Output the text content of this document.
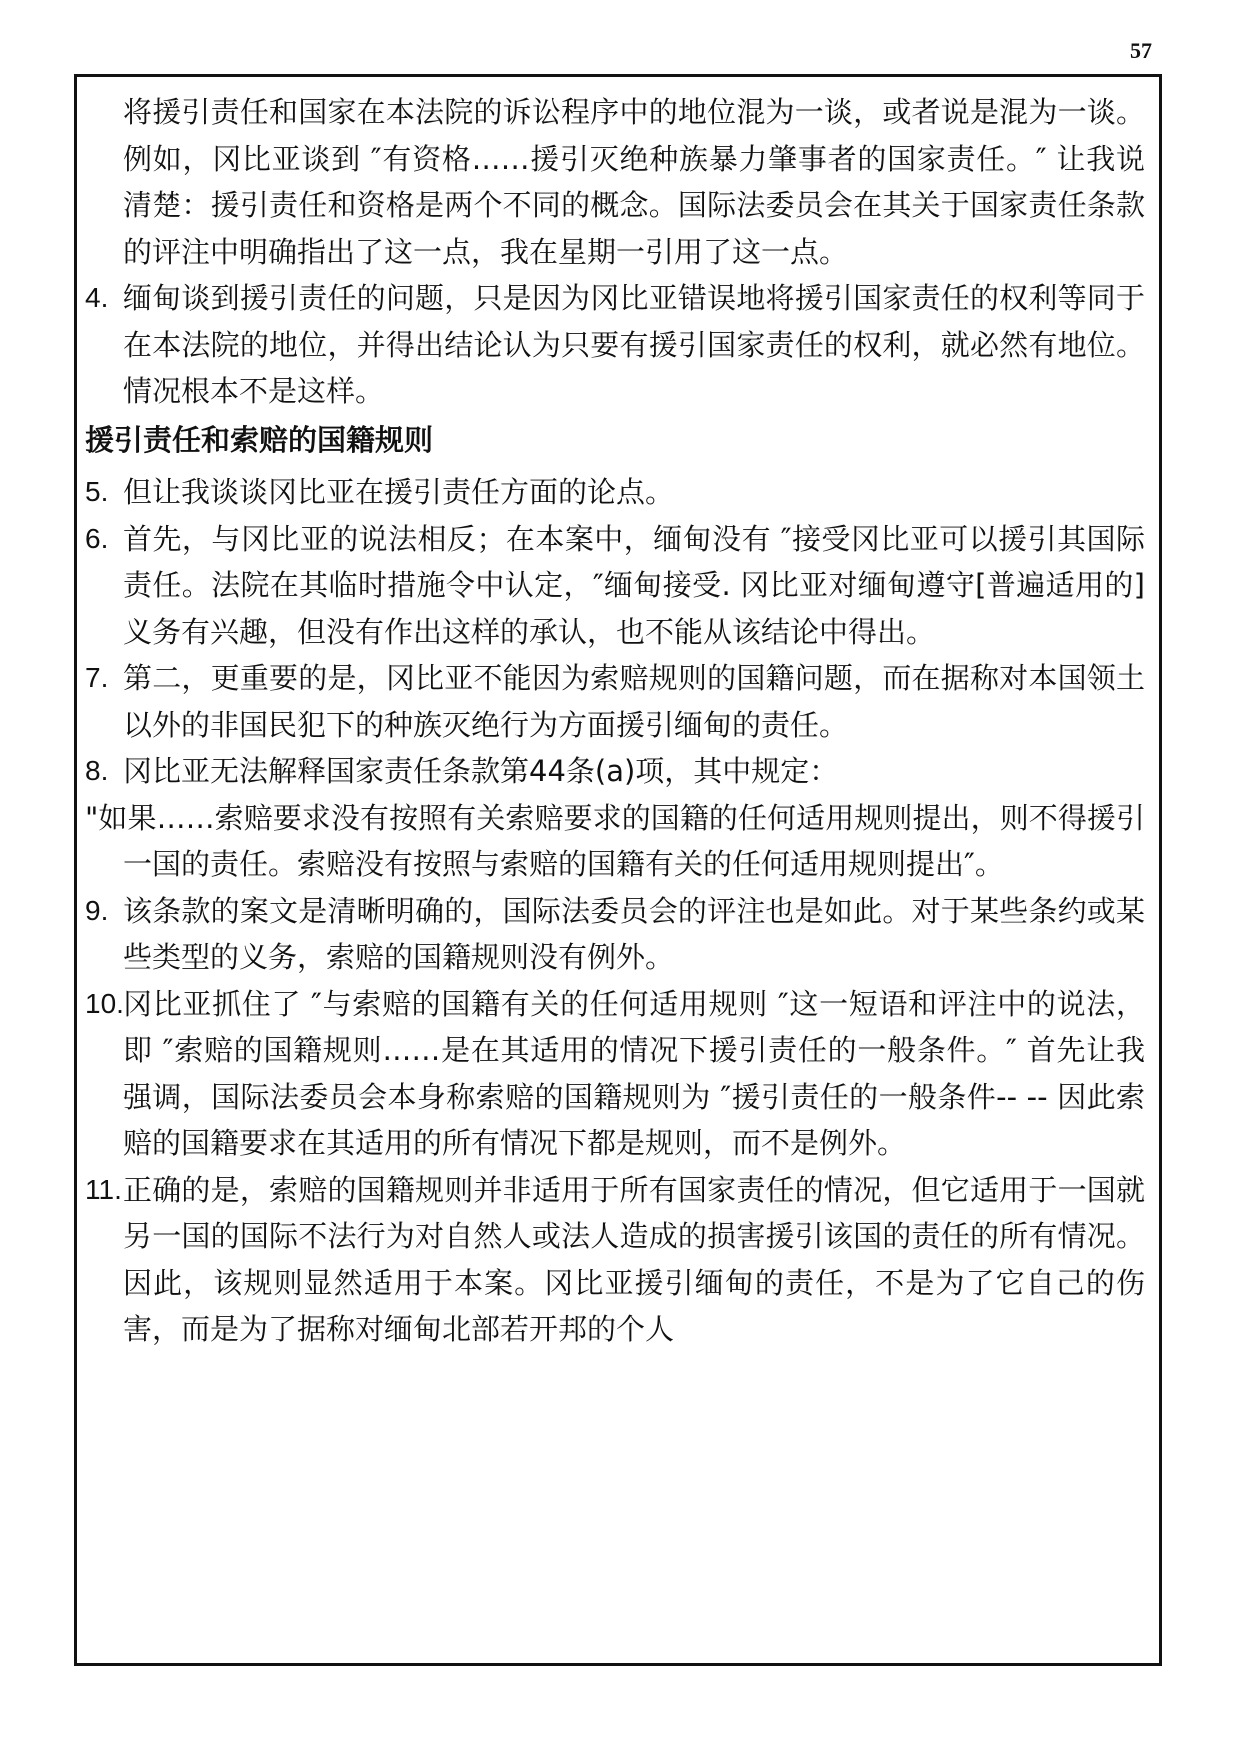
57

将援引责任和国家在本法院的诉讼程序中的地位混为一谈，或者说是混为一谈。例如，冈比亚谈到 ″有资格……援引灭绝种族暴力肇事者的国家责任。″ 让我说清楚：援引责任和资格是两个不同的概念。国际法委员会在其关于国家责任条款的评注中明确指出了这一点，我在星期一引用了这一点。

4. 缅甸谈到援引责任的问题，只是因为冈比亚错误地将援引国家责任的权利等同于在本法院的地位，并得出结论认为只要有援引国家责任的权利，就必然有地位。情况根本不是这样。

援引责任和索赔的国籍规则

5. 但让我谈谈冈比亚在援引责任方面的论点。

6. 首先，与冈比亚的说法相反；在本案中，缅甸没有 ″接受冈比亚可以援引其国际责任。法院在其临时措施令中认定，″缅甸接受. 冈比亚对缅甸遵守[普遍适用的]义务有兴趣，但没有作出这样的承认，也不能从该结论中得出。

7. 第二，更重要的是，冈比亚不能因为索赔规则的国籍问题，而在据称对本国领土以外的非国民犯下的种族灭绝行为方面援引缅甸的责任。

8. 冈比亚无法解释国家责任条款第44条(a)项，其中规定：

"如果……索赔要求没有按照有关索赔要求的国籍的任何适用规则提出，则不得援引一国的责任。索赔没有按照与索赔的国籍有关的任何适用规则提出″。

9. 该条款的案文是清晰明确的，国际法委员会的评注也是如此。对于某些条约或某些类型的义务，索赔的国籍规则没有例外。

10. 冈比亚抓住了 ″与索赔的国籍有关的任何适用规则 ″这一短语和评注中的说法，即 ″索赔的国籍规则……是在其适用的情况下援引责任的一般条件。″ 首先让我强调，国际法委员会本身称索赔的国籍规则为 ″援引责任的一般条件-- -- 因此索赔的国籍要求在其适用的所有情况下都是规则，而不是例外。

11. 正确的是，索赔的国籍规则并非适用于所有国家责任的情况，但它适用于一国就另一国的国际不法行为对自然人或法人造成的损害援引该国的责任的所有情况。因此，该规则显然适用于本案。冈比亚援引缅甸的责任，不是为了它自己的伤害，而是为了据称对缅甸北部若开邦的个人
